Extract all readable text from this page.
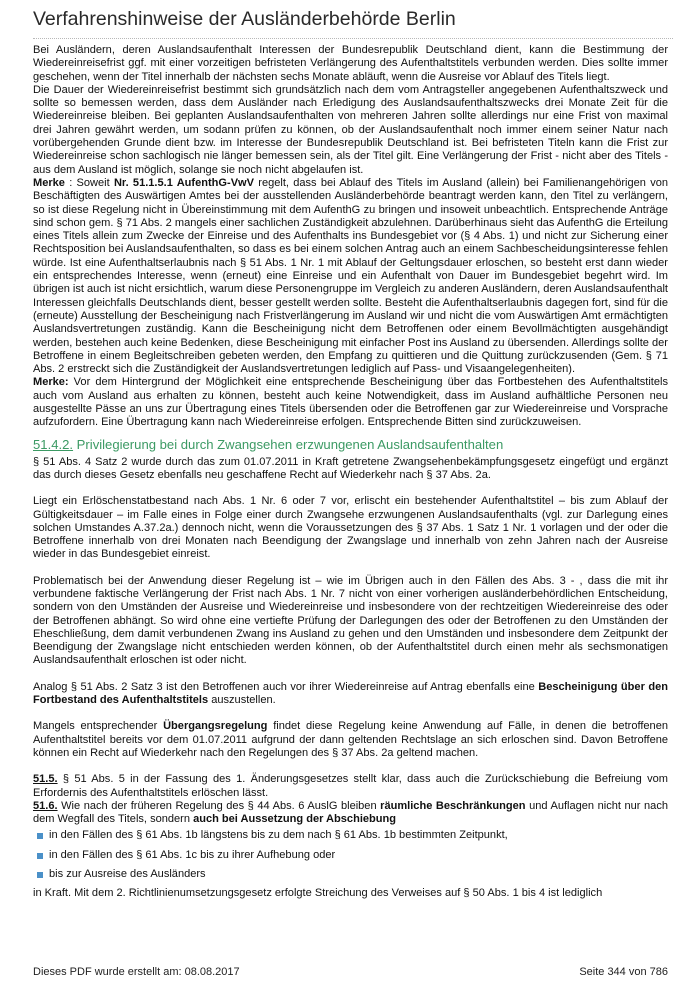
Verfahrenshinweise der Ausländerbehörde Berlin

Bei Ausländern, deren Auslandsaufenthalt Interessen der Bundesrepublik Deutschland dient, kann die Bestimmung der Wiedereinreisefrist ggf. mit einer vorzeitigen befristeten Verlängerung des Aufenthaltstitels verbunden werden. Dies sollte immer geschehen, wenn der Titel innerhalb der nächsten sechs Monate abläuft, wenn die Ausreise vor Ablauf des Titels liegt.

Die Dauer der Wiedereinreisefrist bestimmt sich grundsätzlich nach dem vom Antragsteller angegebenen Aufenthaltszweck und sollte so bemessen werden, dass dem Ausländer nach Erledigung des Auslandsaufenthaltszwecks drei Monate Zeit für die Wiedereinreise bleiben. Bei geplanten Auslandsaufenthalten von mehreren Jahren sollte allerdings nur eine Frist von maximal drei Jahren gewährt werden, um sodann prüfen zu können, ob der Auslandsaufenthalt noch immer einem seiner Natur nach vorübergehenden Grunde dient bzw. im Interesse der Bundesrepublik Deutschland ist. Bei befristeten Titeln kann die Frist zur Wiedereinreise schon sachlogisch nie länger bemessen sein, als der Titel gilt. Eine Verlängerung der Frist - nicht aber des Titels - aus dem Ausland ist möglich, solange sie noch nicht abgelaufen ist.

Merke : Soweit Nr. 51.1.5.1 AufenthG-VwV regelt, dass bei Ablauf des Titels im Ausland (allein) bei Familienangehörigen von Beschäftigten des Auswärtigen Amtes bei der ausstellenden Ausländerbehörde beantragt werden kann, den Titel zu verlängern, so ist diese Regelung nicht in Übereinstimmung mit dem AufenthG zu bringen und insoweit unbeachtlich. Entsprechende Anträge sind schon gem. § 71 Abs. 2 mangels einer sachlichen Zuständigkeit abzulehnen. Darüberhinaus sieht das AufenthG die Erteilung eines Titels allein zum Zwecke der Einreise und des Aufenthalts ins Bundesgebiet vor (§ 4 Abs. 1) und nicht zur Sicherung einer Rechtsposition bei Auslandsaufenthalten, so dass es bei einem solchen Antrag auch an einem Sachbescheidungsinteresse fehlen würde. Ist eine Aufenthaltserlaubnis nach § 51 Abs. 1 Nr. 1 mit Ablauf der Geltungsdauer erloschen, so besteht erst dann wieder ein entsprechendes Interesse, wenn (erneut) eine Einreise und ein Aufenthalt von Dauer im Bundesgebiet begehrt wird. Im übrigen ist auch ist nicht ersichtlich, warum diese Personengruppe im Vergleich zu anderen Ausländern, deren Auslandsaufenthalt Interessen gleichfalls Deutschlands dient, besser gestellt werden sollte. Besteht die Aufenthaltserlaubnis dagegen fort, sind für die (erneute) Ausstellung der Bescheinigung nach Fristverlängerung im Ausland wir und nicht die vom Auswärtigen Amt ermächtigten Auslandsvertretungen zuständig. Kann die Bescheinigung nicht dem Betroffenen oder einem Bevollmächtigten ausgehändigt werden, bestehen auch keine Bedenken, diese Bescheinigung mit einfacher Post ins Ausland zu übersenden. Allerdings sollte der Betroffene in einem Begleitschreiben gebeten werden, den Empfang zu quittieren und die Quittung zurückzusenden (Gem. § 71 Abs. 2 erstreckt sich die Zuständigkeit der Auslandsvertretungen lediglich auf Pass- und Visaangelegenheiten).

Merke: Vor dem Hintergrund der Möglichkeit eine entsprechende Bescheinigung über das Fortbestehen des Aufenthaltstitels auch vom Ausland aus erhalten zu können, besteht auch keine Notwendigkeit, dass im Ausland aufhältliche Personen neu ausgestellte Pässe an uns zur Übertragung eines Titels übersenden oder die Betroffenen gar zur Wiedereinreise und Vorsprache aufzufordern. Eine Übertragung kann nach Wiedereinreise erfolgen. Entsprechende Bitten sind zurückzuweisen.

51.4.2. Privilegierung bei durch Zwangsehen erzwungenen Auslandsaufenthalten

§ 51 Abs. 4 Satz 2 wurde durch das zum 01.07.2011 in Kraft getretene Zwangsehenbekämpfungsgesetz eingefügt und ergänzt das durch dieses Gesetz ebenfalls neu geschaffene Recht auf Wiederkehr nach § 37 Abs. 2a.

Liegt ein Erlöschenstatbestand nach Abs. 1 Nr. 6 oder 7 vor, erlischt ein bestehender Aufenthaltstitel – bis zum Ablauf der Gültigkeitsdauer – im Falle eines in Folge einer durch Zwangsehe erzwungenen Auslandsaufenthalts (vgl. zur Darlegung eines solchen Umstandes A.37.2a.) dennoch nicht, wenn die Voraussetzungen des § 37 Abs. 1 Satz 1 Nr. 1 vorlagen und der oder die Betroffene innerhalb von drei Monaten nach Beendigung der Zwangslage und innerhalb von zehn Jahren nach der Ausreise wieder in das Bundesgebiet einreist.

Problematisch bei der Anwendung dieser Regelung ist – wie im Übrigen auch in den Fällen des Abs. 3 - , dass die mit ihr verbundene faktische Verlängerung der Frist nach Abs. 1 Nr. 7 nicht von einer vorherigen ausländerbehördlichen Entscheidung, sondern von den Umständen der Ausreise und Wiedereinreise und insbesondere von der rechtzeitigen Wiedereinreise des oder der Betroffenen abhängt. So wird ohne eine vertiefte Prüfung der Darlegungen des oder der Betroffenen zu den Umständen der Eheschließung, dem damit verbundenen Zwang ins Ausland zu gehen und den Umständen und insbesondere dem Zeitpunkt der Beendigung der Zwangslage nicht entschieden werden können, ob der Aufenthaltstitel durch einen mehr als sechsmonatigen Auslandsaufenthalt erloschen ist oder nicht.

Analog § 51 Abs. 2 Satz 3 ist den Betroffenen auch vor ihrer Wiedereinreise auf Antrag ebenfalls eine Bescheinigung über den Fortbestand des Aufenthaltstitels auszustellen.

Mangels entsprechender Übergangsregelung findet diese Regelung keine Anwendung auf Fälle, in denen die betroffenen Aufenthaltstitel bereits vor dem 01.07.2011 aufgrund der dann geltenden Rechtslage an sich erloschen sind. Davon Betroffene können ein Recht auf Wiederkehr nach den Regelungen des § 37 Abs. 2a geltend machen.

51.5. § 51 Abs. 5 in der Fassung des 1. Änderungsgesetzes stellt klar, dass auch die Zurückschiebung die Befreiung vom Erfordernis des Aufenthaltstitels erlöschen lässt.

51.6. Wie nach der früheren Regelung des § 44 Abs. 6 AuslG bleiben räumliche Beschränkungen und Auflagen nicht nur nach dem Wegfall des Titels, sondern auch bei Aussetzung der Abschiebung

in den Fällen des § 61 Abs. 1b längstens bis zu dem nach § 61 Abs. 1b bestimmten Zeitpunkt,
in den Fällen des § 61 Abs. 1c bis zu ihrer Aufhebung oder
bis zur Ausreise des Ausländers

in Kraft. Mit dem 2. Richtlinienumsetzungsgesetz erfolgte Streichung des Verweises auf § 50 Abs. 1 bis 4 ist lediglich

Dieses PDF wurde erstellt am: 08.08.2017	Seite 344 von 786
